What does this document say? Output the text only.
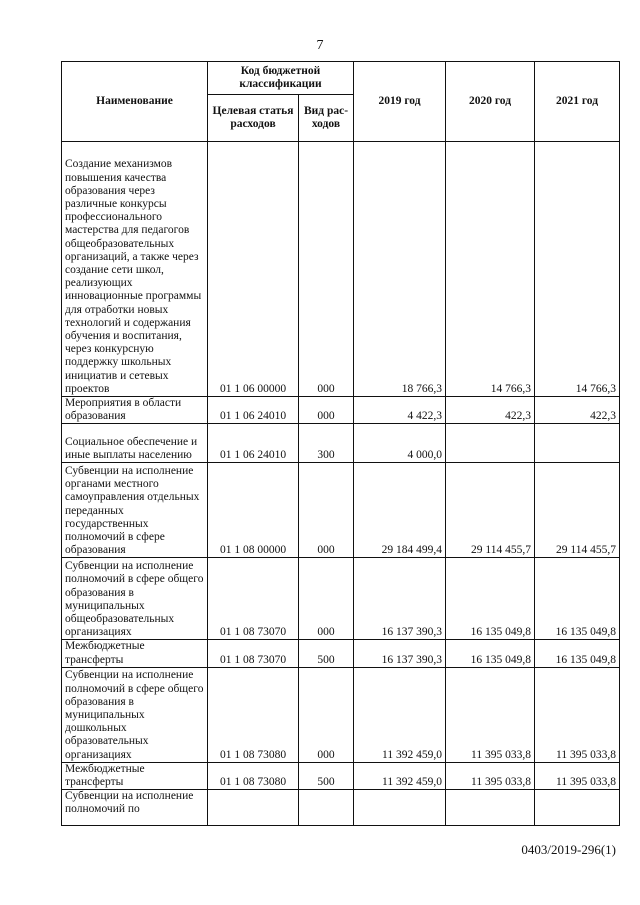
7
Наименование	Код бюджетной классификации		2019 год	2020 год	2021 год
	Целевая статья расходов	Вид рас-ходов			
Создание механизмов повышения качества образования через различные конкурсы профессионального мастерства для педагогов общеобразовательных организаций, а также через создание сети школ, реализующих инновационные программы для отработки новых технологий и содержания обучения и воспитания, через конкурсную поддержку школьных инициатив и сетевых проектов	01 1 06 00000	000	18 766,3	14 766,3	14 766,3
Мероприятия в области образования	01 1 06 24010	000	4 422,3	422,3	422,3
Социальное обеспечение и иные выплаты населению	01 1 06 24010	300	4 000,0		
Субвенции на исполнение органами местного самоуправления отдельных переданных государственных полномочий в сфере образования	01 1 08 00000	000	29 184 499,4	29 114 455,7	29 114 455,7
Субвенции на исполнение полномочий в сфере общего образования в муниципальных общеобразовательных организациях	01 1 08 73070	000	16 137 390,3	16 135 049,8	16 135 049,8
Межбюджетные трансферты	01 1 08 73070	500	16 137 390,3	16 135 049,8	16 135 049,8
Субвенции на исполнение полномочий в сфере общего образования в муниципальных дошкольных образовательных организациях	01 1 08 73080	000	11 392 459,0	11 395 033,8	11 395 033,8
Межбюджетные трансферты	01 1 08 73080	500	11 392 459,0	11 395 033,8	11 395 033,8
Субвенции на исполнение полномочий по					
0403/2019-296(1)
